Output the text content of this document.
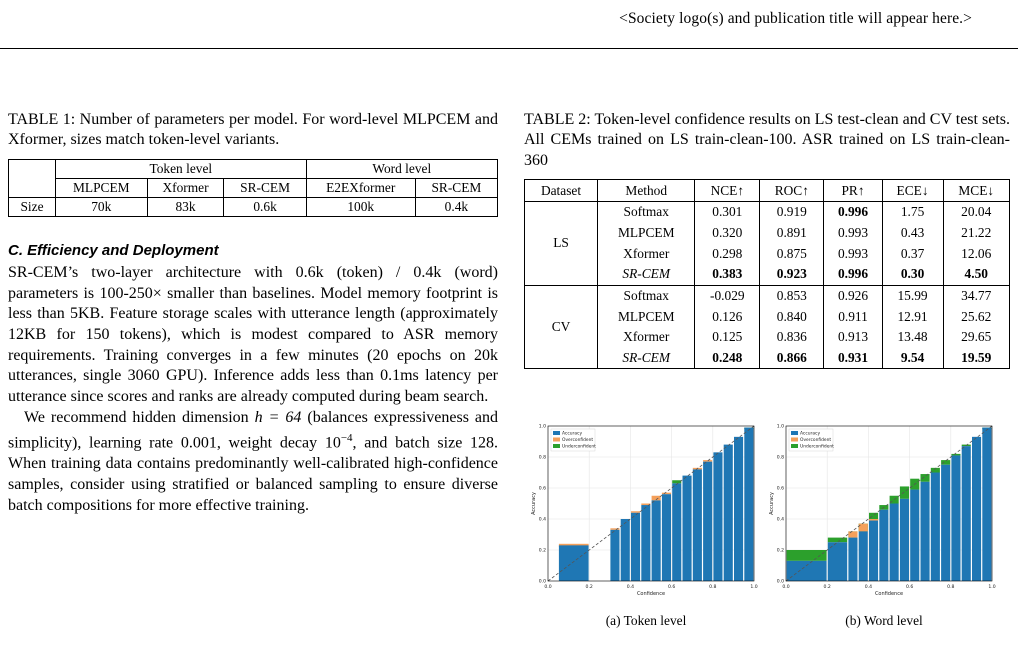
<Society logo(s) and publication title will appear here.>

TABLE 1: Number of parameters per model. For word-level MLPCEM and Xformer, sizes match token-level variants.

	Token level			Word level	
	MLPCEM	Xformer	SR-CEM	E2EXformer	SR-CEM
Size	70k	83k	0.6k	100k	0.4k
C. Efficiency and Deployment

SR-CEM’s two-layer architecture with 0.6k (token) / 0.4k (word) parameters is 100-250× smaller than baselines. Model memory footprint is less than 5KB. Feature storage scales with utterance length (approximately 12KB for 150 tokens), which is modest compared to ASR memory requirements. Training converges in a few minutes (20 epochs on 20k utterances, single 3060 GPU). Inference adds less than 0.1ms latency per utterance since scores and ranks are already computed during beam search.

We recommend hidden dimension h = 64 (balances expressiveness and simplicity), learning rate 0.001, weight decay $10^{-4}$, and batch size 128. When training data contains predominantly well-calibrated high-confidence samples, consider using stratified or balanced sampling to ensure diverse batch compositions for more effective training.

TABLE 2: Token-level confidence results on LS test-clean and CV test sets. All CEMs trained on LS train-clean-100. ASR trained on LS train-clean-360

Dataset	Method	NCE↑	ROC↑	PR↑	ECE↓	MCE↓
LS	Softmax	0.301	0.919	0.996	1.75	20.04
	MLPCEM	0.320	0.891	0.993	0.43	21.22
	Xformer	0.298	0.875	0.993	0.37	12.06
	SR-CEM	0.383	0.923	0.996	0.30	4.50
CV	Softmax	-0.029	0.853	0.926	15.99	34.77
	MLPCEM	0.126	0.840	0.911	12.91	25.62
	Xformer	0.125	0.836	0.913	13.48	29.65
	SR-CEM	0.248	0.866	0.931	9.54	19.59
0.0	0.2	0.4	0.6	0.8	1.0
0.0
0.2
0.4
0.6
0.8
1.0
Confidence
Accuracy
Accuracy
Overconfident
Underconfident
(a) Token level
0.0	0.2	0.4	0.6	0.8	1.0
0.0
0.2
0.4
0.6
0.8
1.0
Confidence
Accuracy
Accuracy
Overconfident
Underconfident
(b) Word level
